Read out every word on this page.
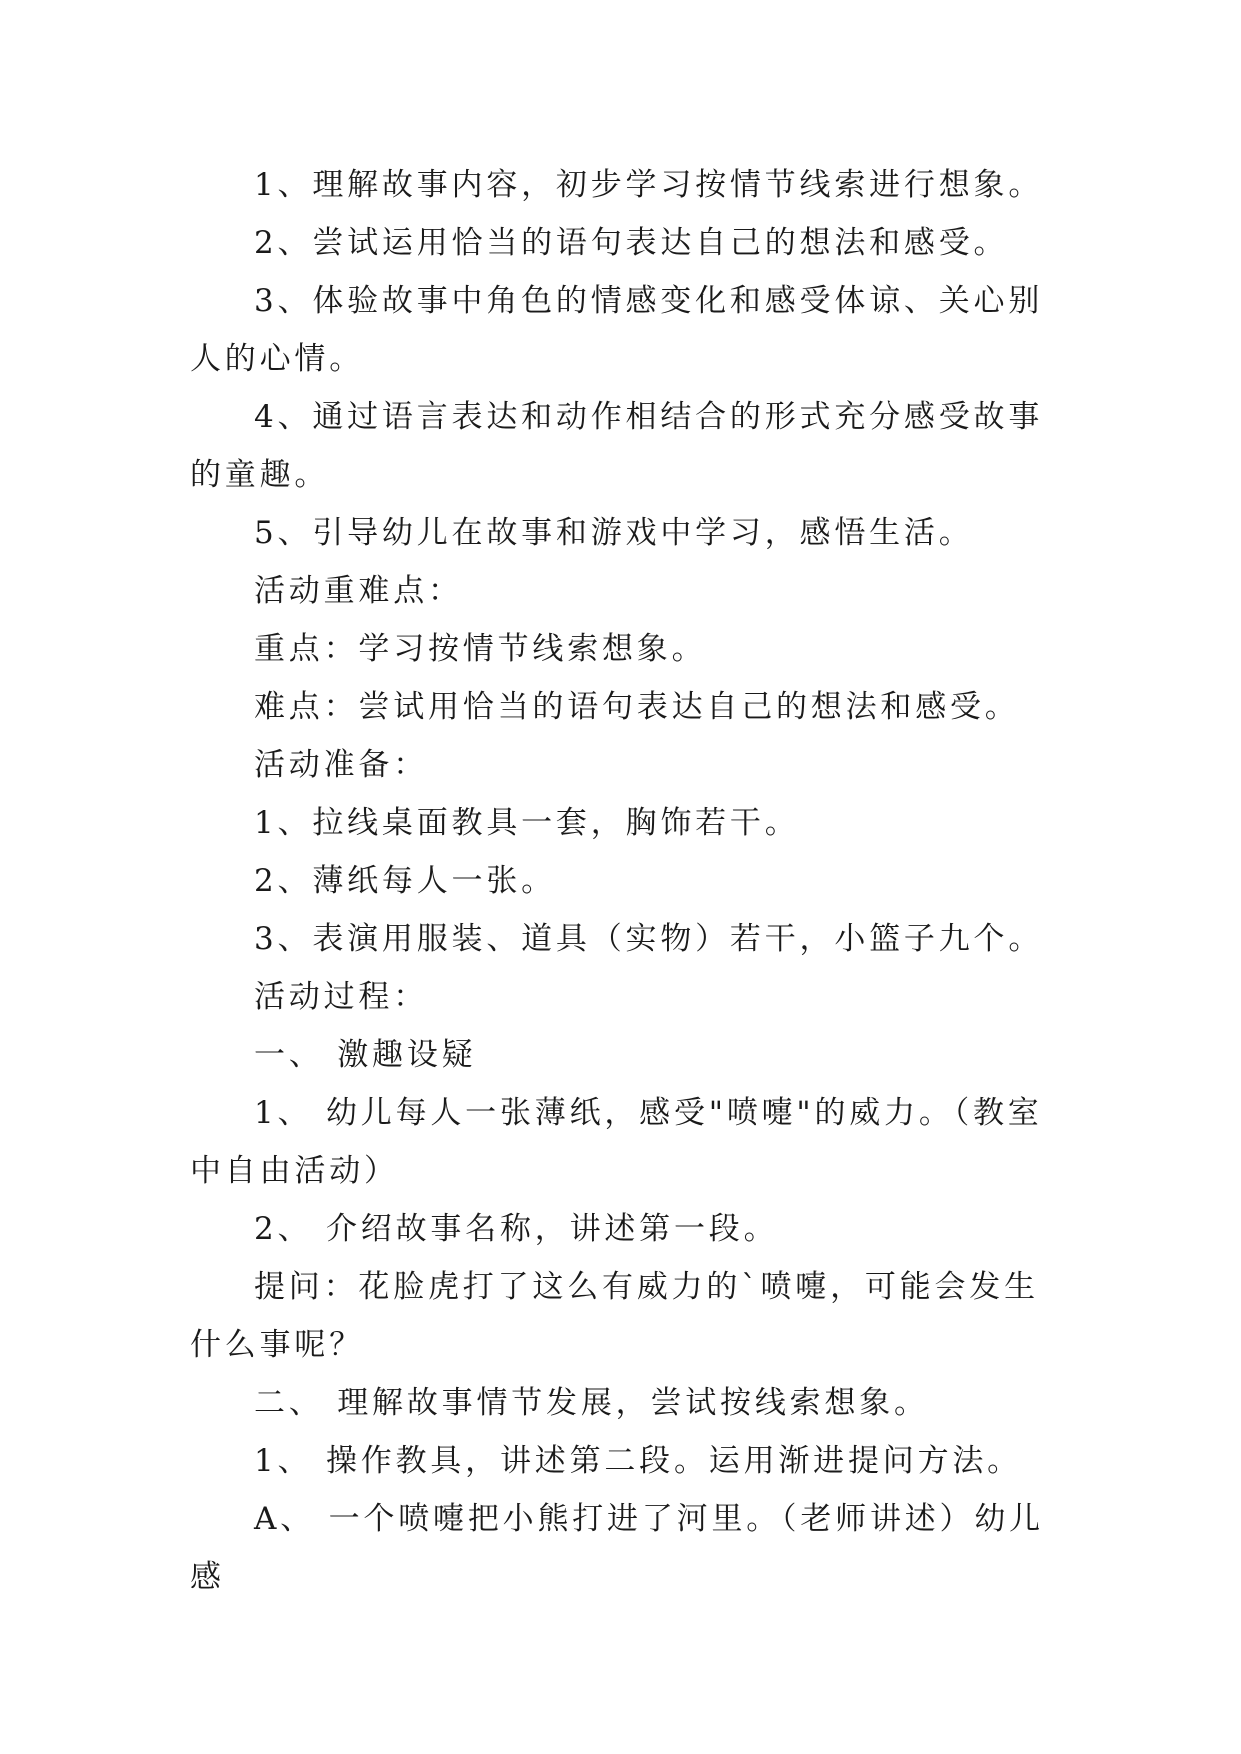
1、理解故事内容，初步学习按情节线索进行想象。

2、尝试运用恰当的语句表达自己的想法和感受。

3、体验故事中角色的情感变化和感受体谅、关心别人的心情。

4、通过语言表达和动作相结合的形式充分感受故事的童趣。

5、引导幼儿在故事和游戏中学习，感悟生活。

活动重难点：

重点：学习按情节线索想象。

难点：尝试用恰当的语句表达自己的想法和感受。

活动准备：

1、拉线桌面教具一套，胸饰若干。

2、薄纸每人一张。

3、表演用服装、道具（实物）若干，小篮子九个。

活动过程：

一、 激趣设疑

1、 幼儿每人一张薄纸，感受"喷嚏"的威力。（教室中自由活动）

2、 介绍故事名称，讲述第一段。

提问：花脸虎打了这么有威力的`喷嚏，可能会发生什么事呢？

二、 理解故事情节发展，尝试按线索想象。

1、 操作教具，讲述第二段。运用渐进提问方法。

A、 一个喷嚏把小熊打进了河里。（老师讲述）幼儿感
